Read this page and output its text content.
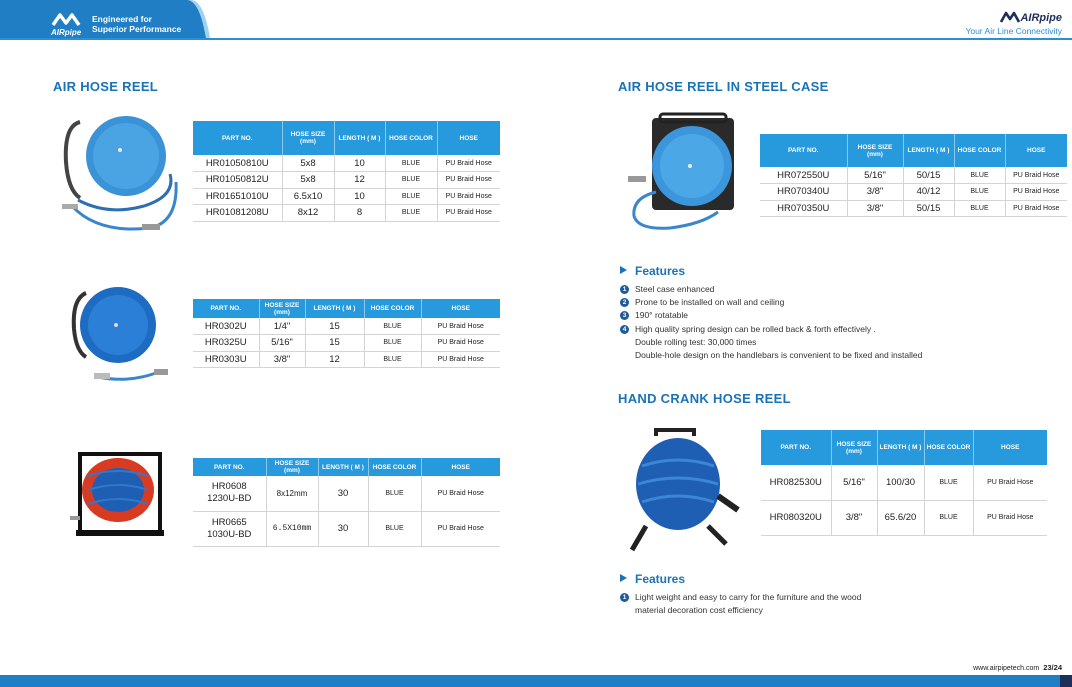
AIRpipe
Engineered for
Superior Performance
AIRpipe
Your Air Line Connectivity
AIR HOSE REEL
PART NO.	HOSE SIZE (mm)	LENGTH ( M )	HOSE COLOR	HOSE
HR01050810U	5x8	10	BLUE	PU Braid Hose
HR01050812U	5x8	12	BLUE	PU Braid Hose
HR01651010U	6.5x10	10	BLUE	PU Braid Hose
HR01081208U	8x12	8	BLUE	PU Braid Hose
PART NO.	HOSE SIZE (mm)	LENGTH ( M )	HOSE COLOR	HOSE
HR0302U	1/4"	15	BLUE	PU Braid Hose
HR0325U	5/16"	15	BLUE	PU Braid Hose
HR0303U	3/8"	12	BLUE	PU Braid Hose
PART NO.	HOSE SIZE (mm)	LENGTH ( M )	HOSE COLOR	HOSE

HR0608
1230U-BD	8x12mm	30	BLUE	PU Braid Hose

HR0665
1030U-BD	6.5X10mm	30	BLUE	PU Braid Hose
AIR HOSE REEL IN STEEL CASE
PART NO.	HOSE SIZE (mm)	LENGTH ( M )	HOSE COLOR	HOSE
HR072550U	5/16"	50/15	BLUE	PU Braid Hose
HR070340U	3/8"	40/12	BLUE	PU Braid Hose
HR070350U	3/8"	50/15	BLUE	PU Braid Hose
Features
1	Steel case enhanced
2	Prone to be installed on wall and ceiling
3	190° rotatable
4	High quality spring design can be rolled back & forth effectively .
Double rolling test: 30,000 times
Double-hole design on the handlebars is convenient to be fixed and installed
HAND CRANK HOSE REEL
PART NO.	HOSE SIZE (mm)	LENGTH ( M )	HOSE COLOR	HOSE
HR082530U	5/16"	100/30	BLUE	PU Braid Hose
HR080320U	3/8"	65.6/20	BLUE	PU Braid Hose
Features
1	Light weight and easy to carry for the furniture and the wood
material decoration cost efficiency
www.airpipetech.com 23/24
